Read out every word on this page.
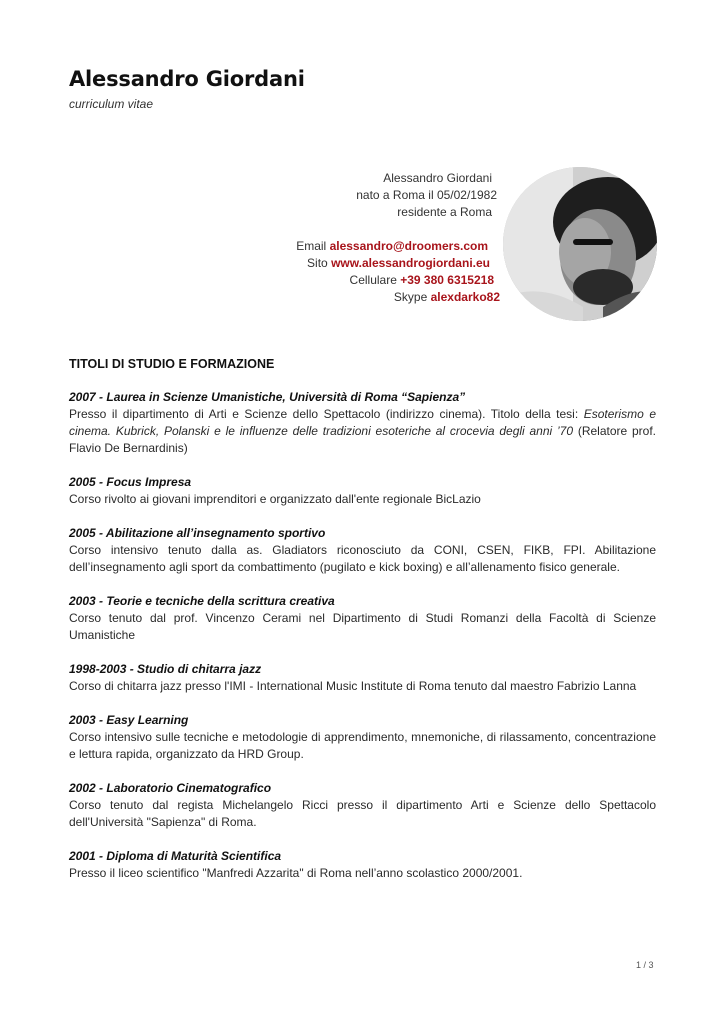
Alessandro Giordani
curriculum vitae
Alessandro Giordani
nato a Roma il 05/02/1982
residente a Roma
Email alessandro@droomers.com
Sito www.alessandrogiordani.eu
Cellulare +39 380 6315218
Skype alexdarko82
TITOLI DI STUDIO E FORMAZIONE
2007 - Laurea in Scienze Umanistiche, Università di Roma “Sapienza”
Presso il dipartimento di Arti e Scienze dello Spettacolo (indirizzo cinema). Titolo della tesi: Esoterismo e cinema. Kubrick, Polanski e le influenze delle tradizioni esoteriche al crocevia degli anni ’70 (Relatore prof. Flavio De Bernardinis)
2005 - Focus Impresa
Corso rivolto ai giovani imprenditori e organizzato dall'ente regionale BicLazio
2005 - Abilitazione all’insegnamento sportivo
Corso intensivo tenuto dalla as. Gladiators riconosciuto da CONI, CSEN, FIKB, FPI. Abilitazione dell’insegnamento agli sport da combattimento (pugilato e kick boxing) e all’allenamento fisico generale.
2003 - Teorie e tecniche della scrittura creativa
Corso tenuto dal prof. Vincenzo Cerami nel Dipartimento di Studi Romanzi della Facoltà di Scienze Umanistiche
1998-2003 - Studio di chitarra jazz
Corso di chitarra jazz presso l'IMI - International Music Institute di Roma tenuto dal maestro Fabrizio Lanna
2003 - Easy Learning
Corso intensivo sulle tecniche e metodologie di apprendimento, mnemoniche, di rilassamento, concentrazione e lettura rapida, organizzato da HRD Group.
2002 - Laboratorio Cinematografico
Corso tenuto dal regista Michelangelo Ricci presso il dipartimento Arti e Scienze dello Spettacolo dell'Università "Sapienza" di Roma.
2001 - Diploma di Maturità Scientifica
Presso il liceo scientifico "Manfredi Azzarita" di Roma nell’anno scolastico 2000/2001.
1 / 3
